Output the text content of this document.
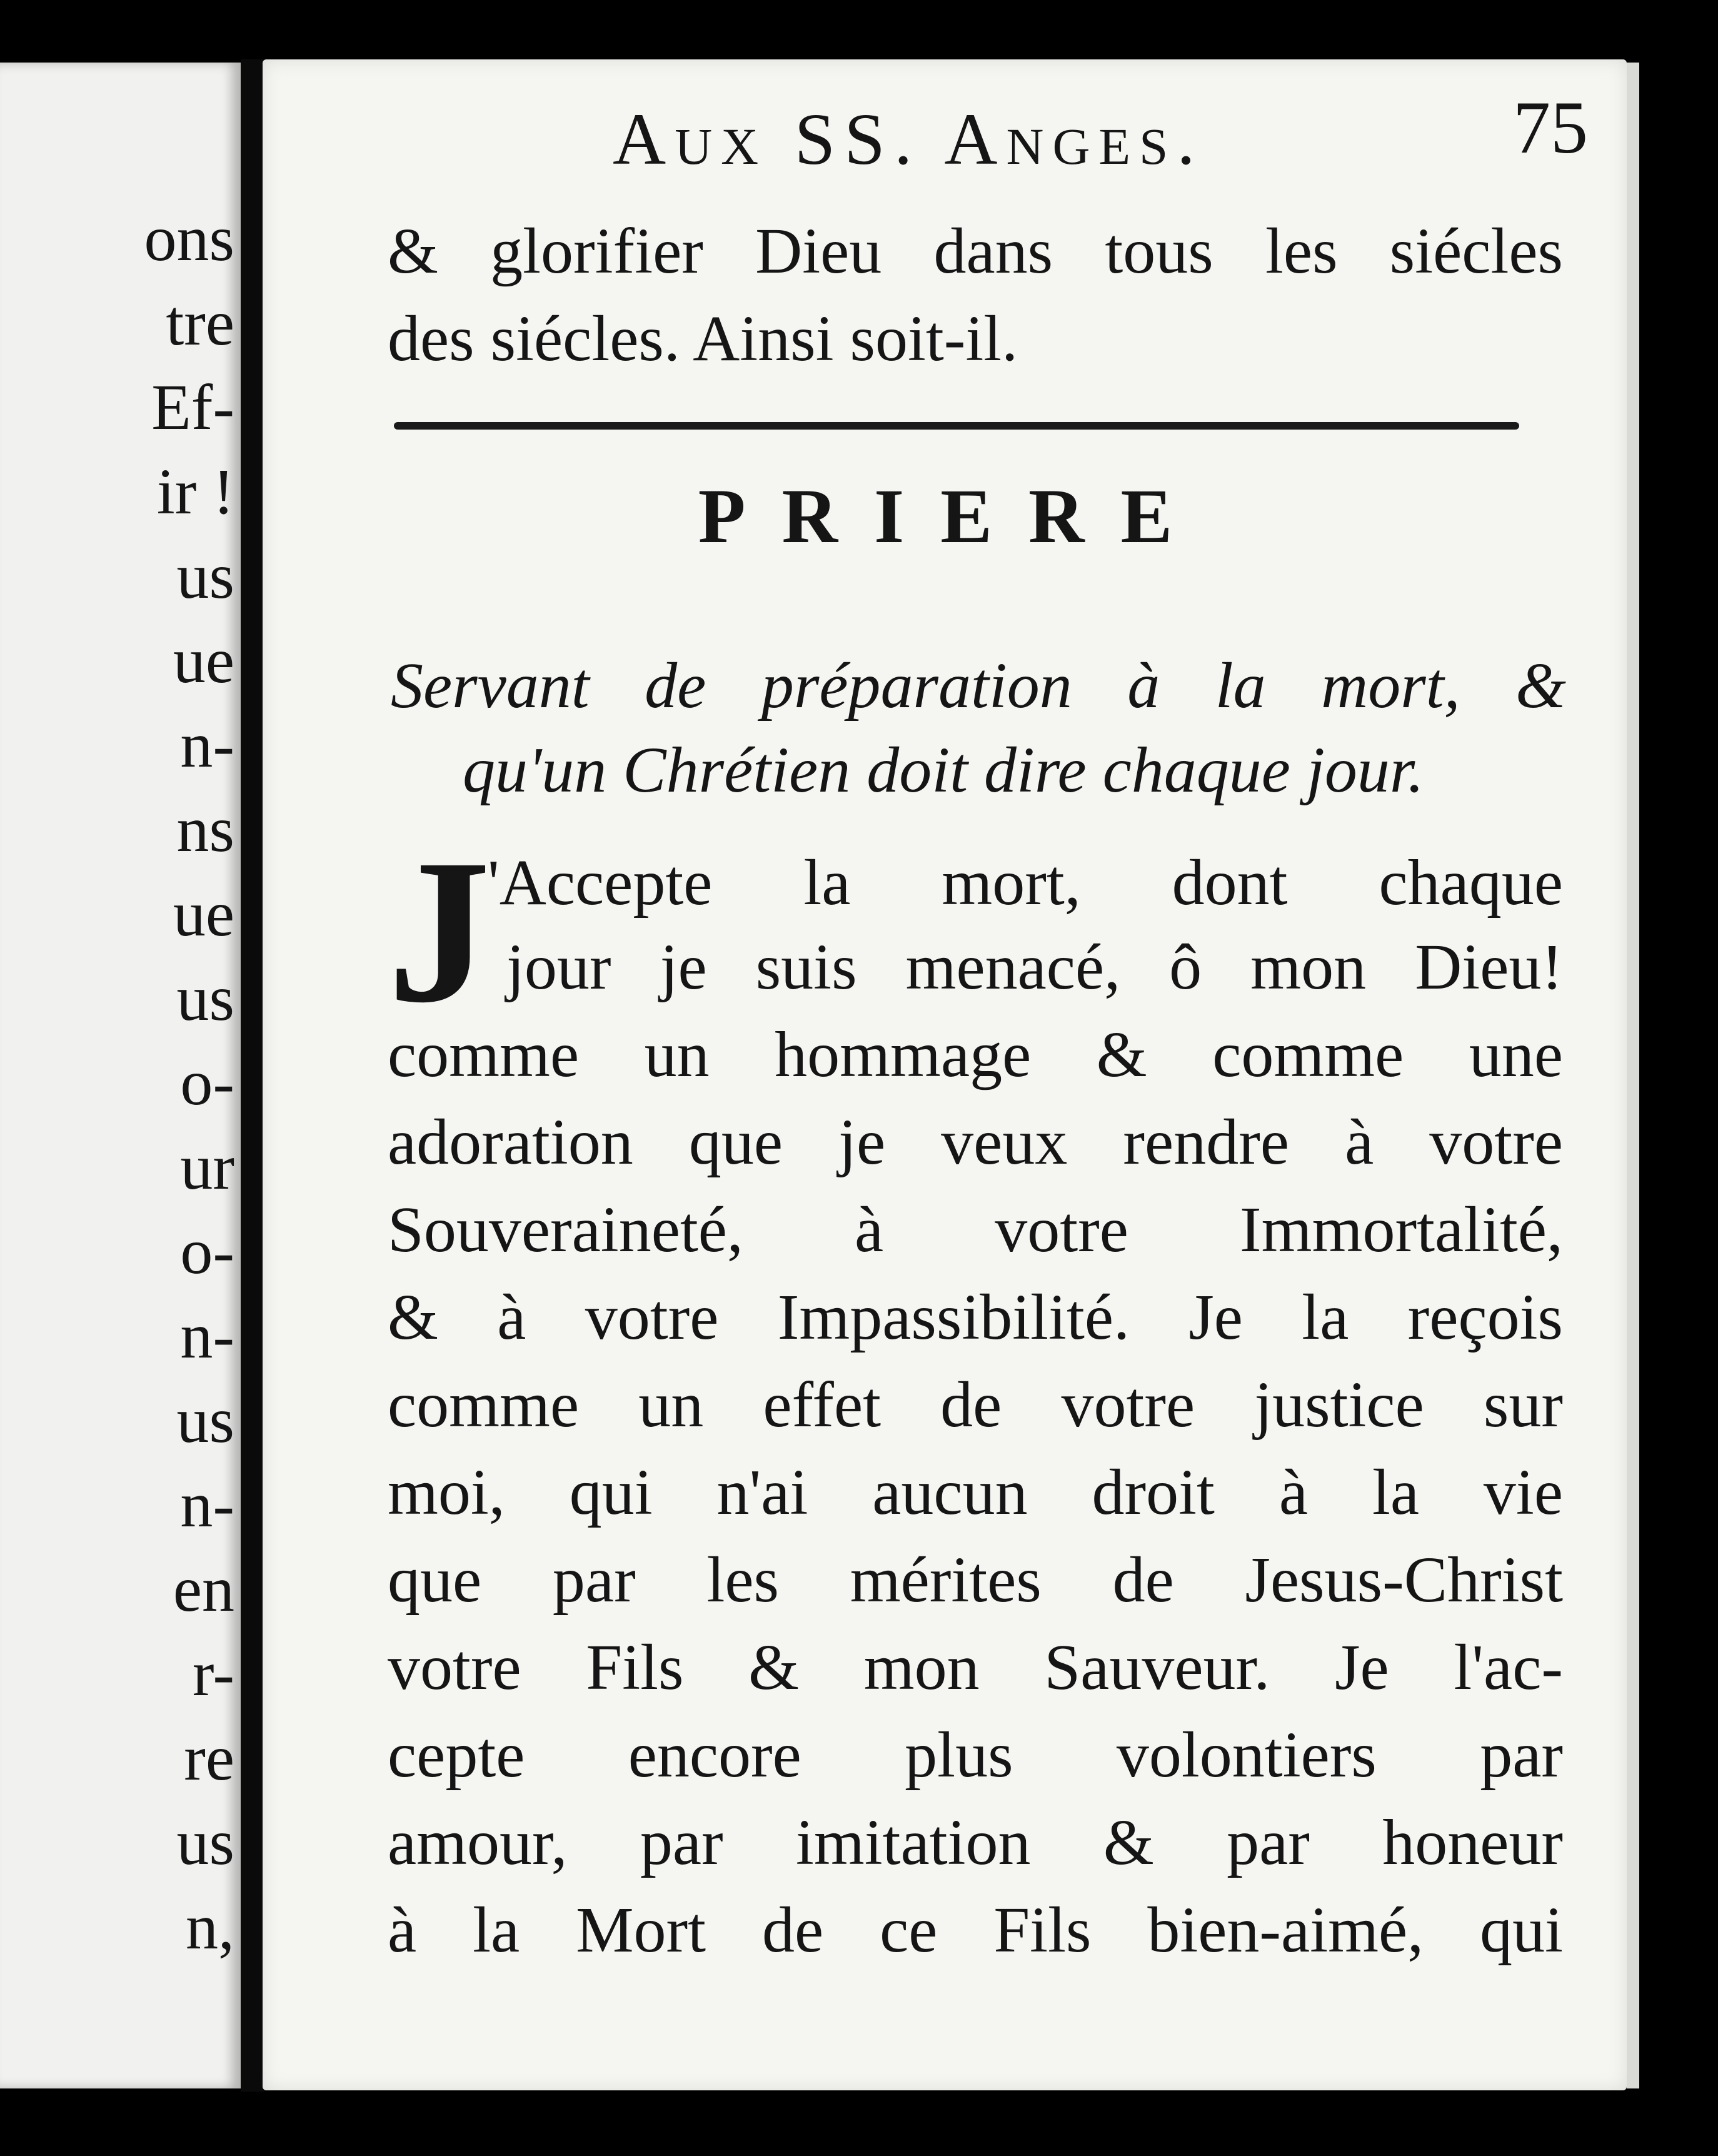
ons
tre
Ef-
ir !
us
ue
n-
ns
ue
us
o-
ur
o-
n-
us
n-
en
r-
re
us
n,
Aux SS. Anges.	75
& glorifier Dieu dans tous les siécles
des siécles. Ainsi soit-il.
PRIERE
Servant de préparation à la mort, &
qu'un Chrétien doit dire chaque jour.
J
'Accepte la mort, dont chaque
jour je suis menacé, ô mon Dieu!
comme un hommage & comme une
adoration que je veux rendre à votre
Souveraineté, à votre Immortalité,
& à votre Impassibilité. Je la reçois
comme un effet de votre justice sur
moi, qui n'ai aucun droit à la vie
que par les mérites de Jesus-Christ
votre Fils & mon Sauveur. Je l'ac-
cepte encore plus volontiers par
amour, par imitation & par honeur
à la Mort de ce Fils bien-aimé, qui
